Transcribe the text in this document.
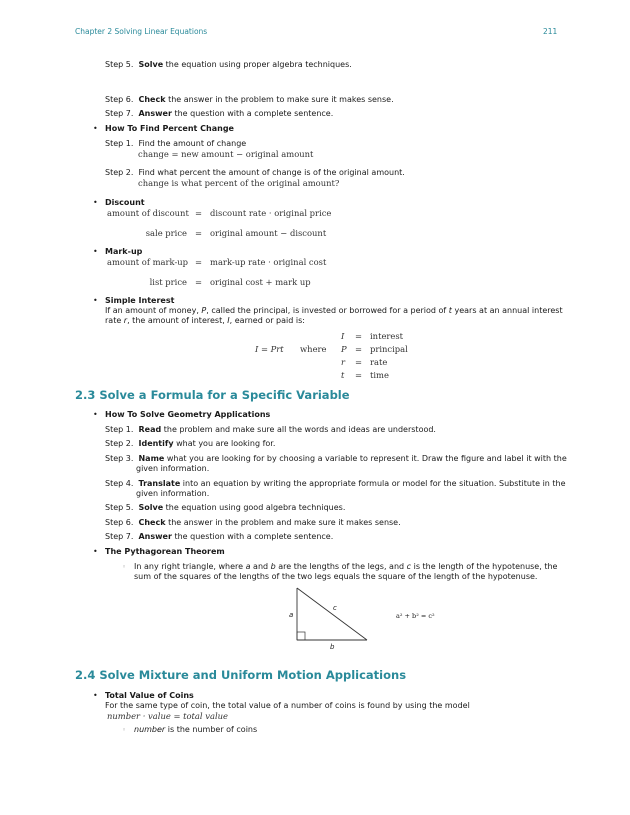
Chapter 2 Solving Linear Equations	211
Step 5. Solve the equation using proper algebra techniques.
Step 6. Check the answer in the problem to make sure it makes sense.
Step 7. Answer the question with a complete sentence.
• How To Find Percent Change
Step 1. Find the amount of change
change = new amount − original amount
Step 2. Find what percent the amount of change is of the original amount.
change is what percent of the original amount?
• Discount
amount of discount = discount rate · original price
sale price = original amount − discount
• Mark-up
amount of mark-up = mark-up rate · original cost
list price = original cost + mark up
• Simple Interest
If an amount of money, P, called the principal, is invested or borrowed for a period of t years at an annual interest
rate r, the amount of interest, I, earned or paid is:
I = Prt where
I = interest
P = principal
r = rate
t = time
2.3 Solve a Formula for a Specific Variable
• How To Solve Geometry Applications
Step 1. Read the problem and make sure all the words and ideas are understood.
Step 2. Identify what you are looking for.
Step 3. Name what you are looking for by choosing a variable to represent it. Draw the figure and label it with the
given information.
Step 4. Translate into an equation by writing the appropriate formula or model for the situation. Substitute in the
given information.
Step 5. Solve the equation using good algebra techniques.
Step 6. Check the answer in the problem and make sure it makes sense.
Step 7. Answer the question with a complete sentence.
• The Pythagorean Theorem
◦ In any right triangle, where a and b are the lengths of the legs, and c is the length of the hypotenuse, the
sum of the squares of the lengths of the two legs equals the square of the length of the hypotenuse.
a
c
b
a² + b² = c²
2.4 Solve Mixture and Uniform Motion Applications
• Total Value of Coins
For the same type of coin, the total value of a number of coins is found by using the model
number · value = total value
◦ number is the number of coins
